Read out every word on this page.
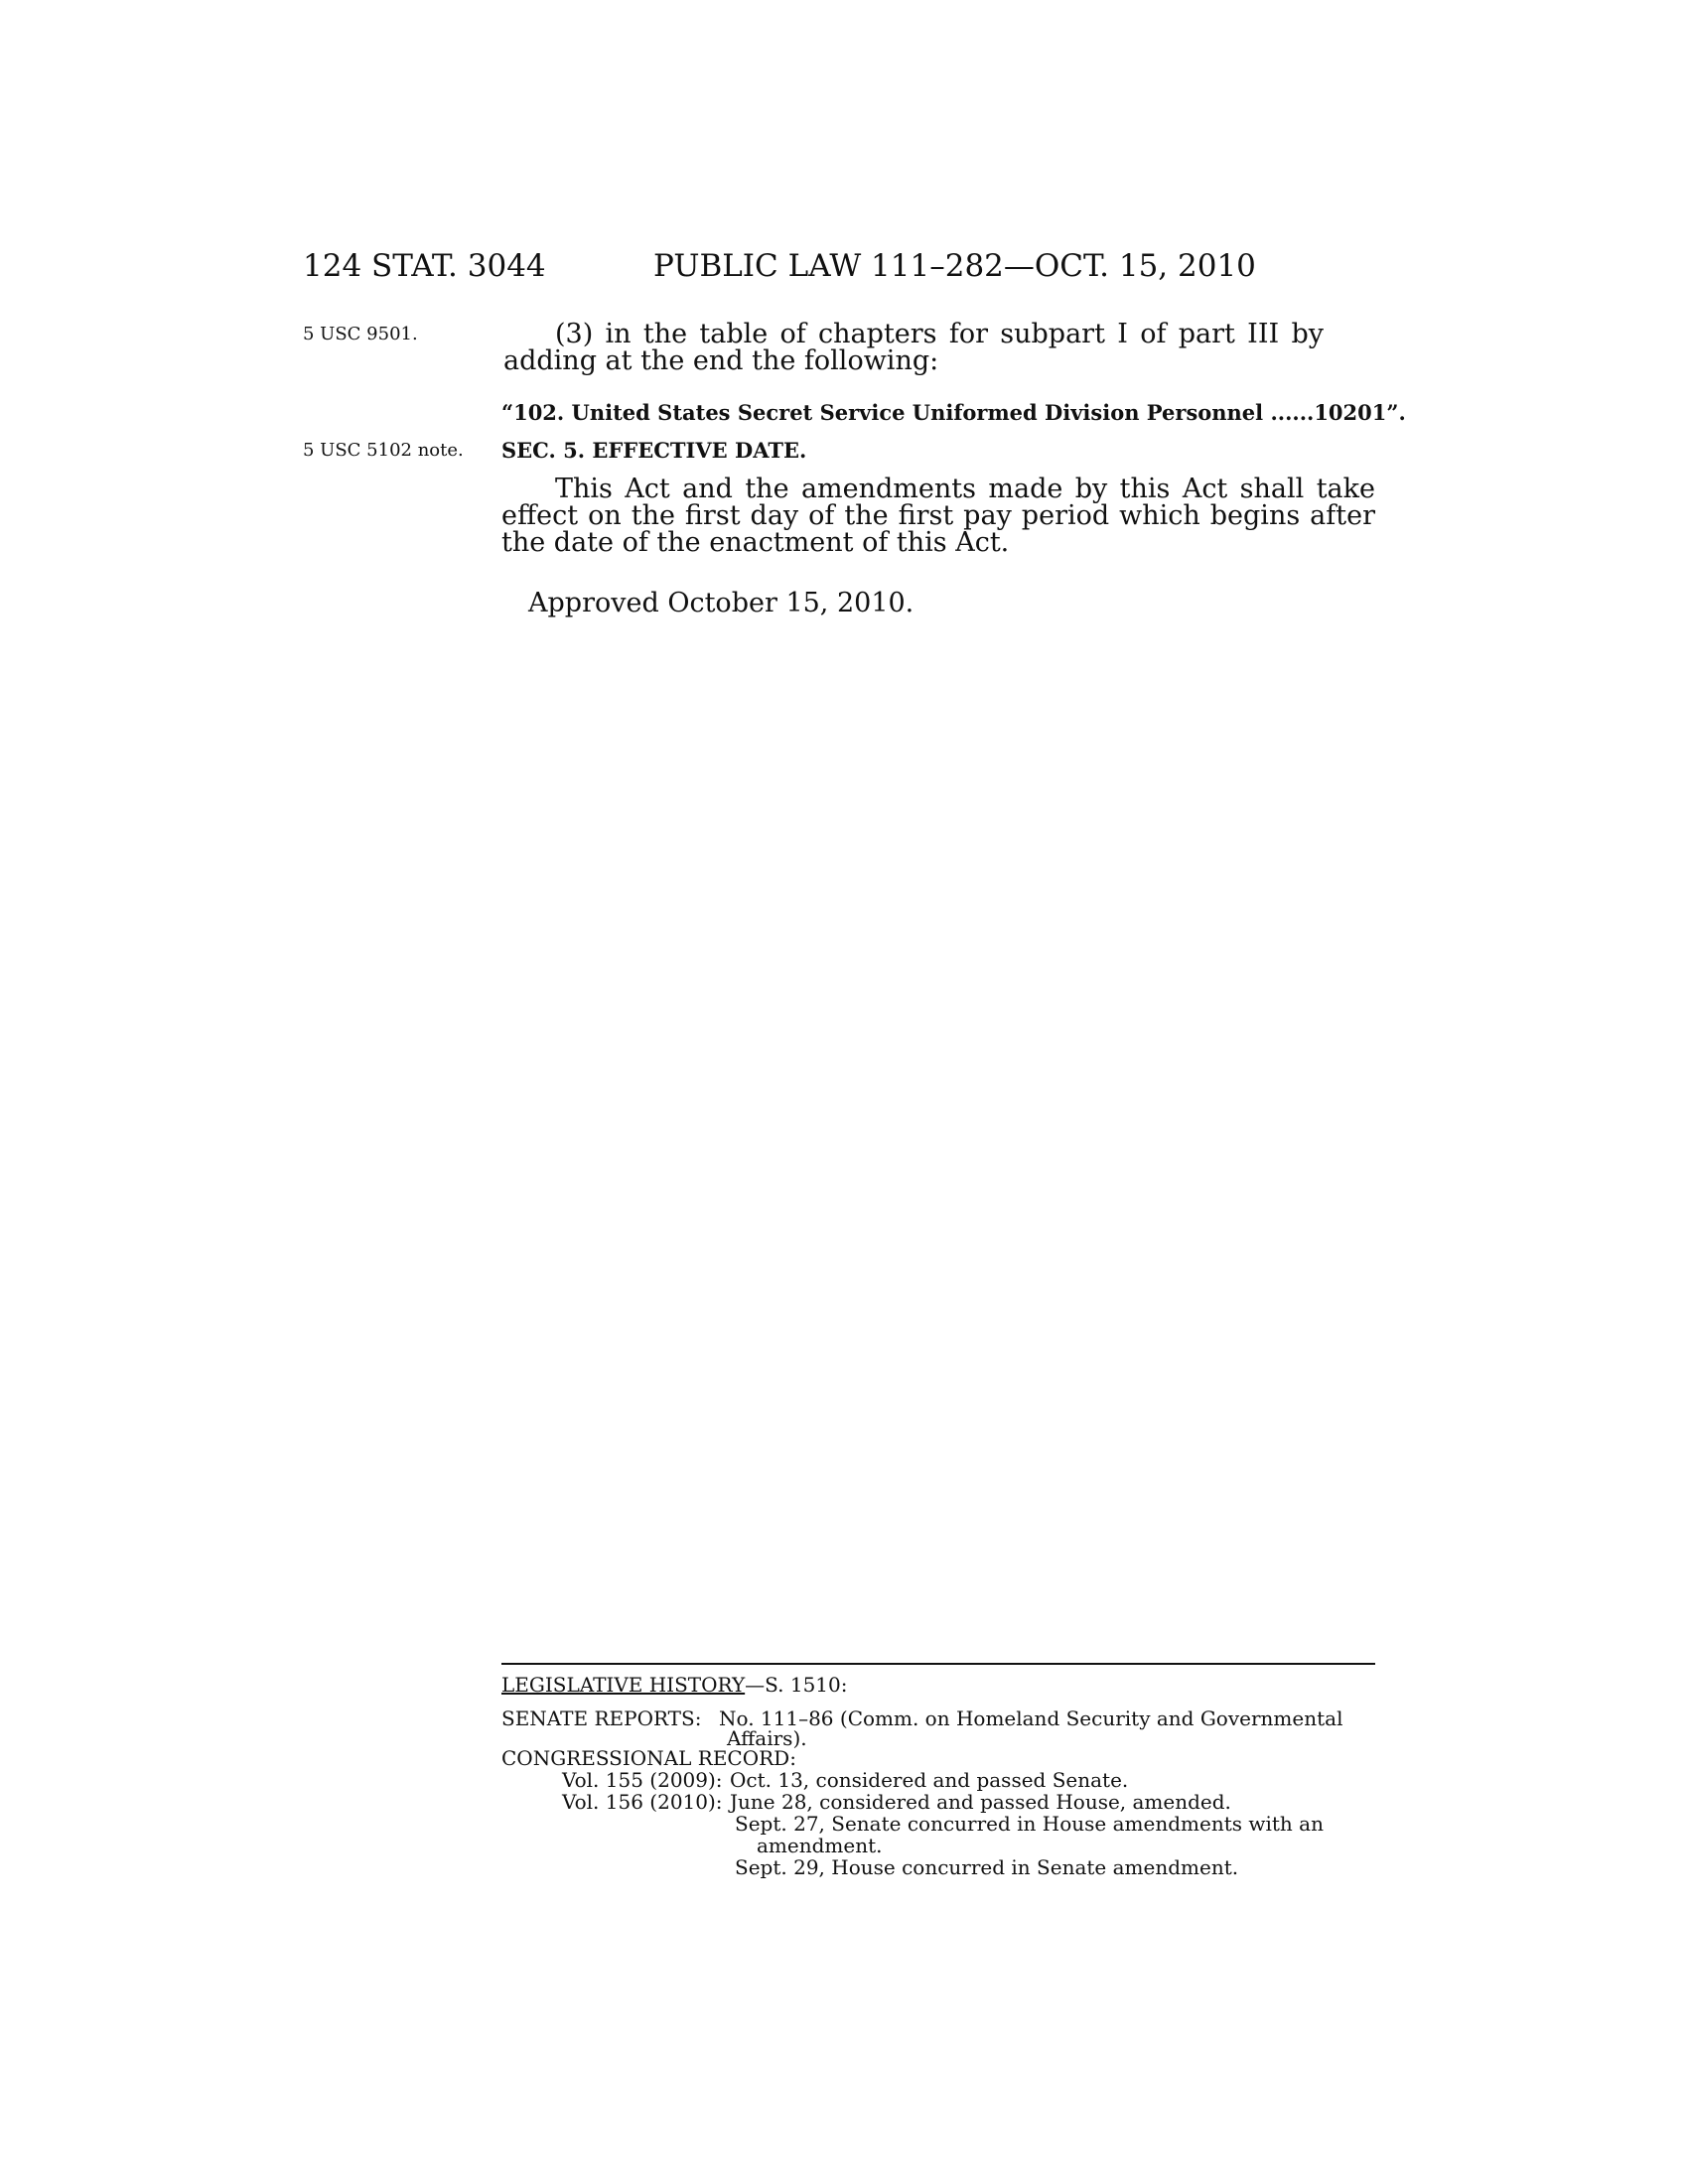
124 STAT. 3044	PUBLIC LAW 111–282—OCT. 15, 2010
5 USC 9501.
5 USC 5102 note.
(3) in the table of chapters for subpart I of part III by adding at the end the following:
“102. United States Secret Service Uniformed Division Personnel ......10201”.
SEC. 5. EFFECTIVE DATE.
This Act and the amendments made by this Act shall take effect on the first day of the first pay period which begins after the date of the enactment of this Act.
Approved October 15, 2010.
LEGISLATIVE HISTORY—S. 1510:
SENATE REPORTS: No. 111–86 (Comm. on Homeland Security and Governmental
Affairs).
CONGRESSIONAL RECORD:
Vol. 155 (2009): Oct. 13, considered and passed Senate.
Vol. 156 (2010): June 28, considered and passed House, amended.
Sept. 27, Senate concurred in House amendments with an
amendment.
Sept. 29, House concurred in Senate amendment.
